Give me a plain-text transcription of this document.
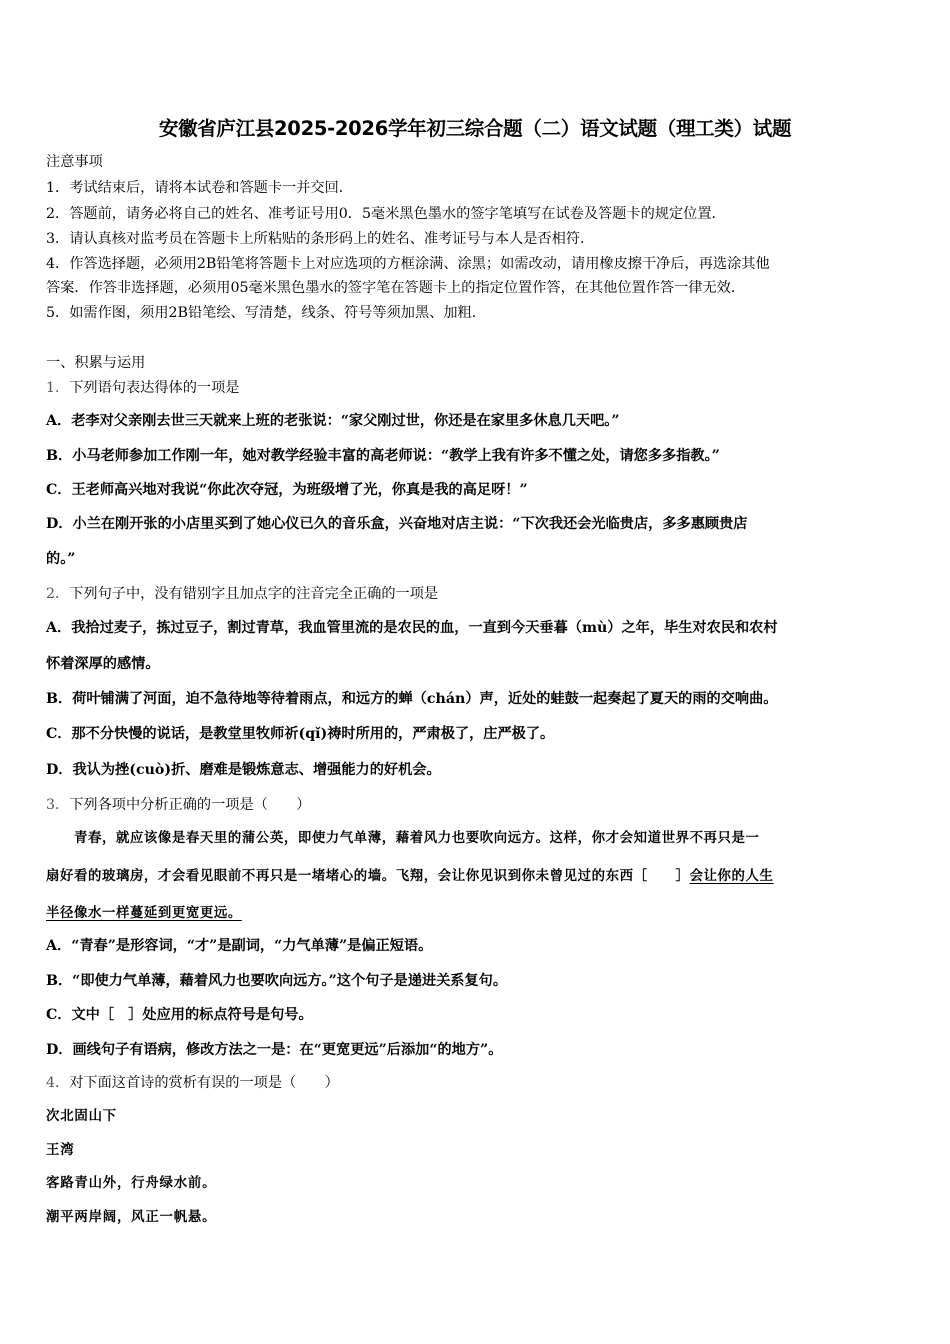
安徽省庐江县2025-2026学年初三综合题（二）语文试题（理工类）试题
注意事项
1．考试结束后，请将本试卷和答题卡一并交回．
2．答题前，请务必将自己的姓名、准考证号用0．5毫米黑色墨水的签字笔填写在试卷及答题卡的规定位置．
3．请认真核对监考员在答题卡上所粘贴的条形码上的姓名、准考证号与本人是否相符．
4．作答选择题，必须用2B铅笔将答题卡上对应选项的方框涂满、涂黑；如需改动，请用橡皮擦干净后，再选涂其他
答案．作答非选择题，必须用05毫米黑色墨水的签字笔在答题卡上的指定位置作答，在其他位置作答一律无效．
5．如需作图，须用2B铅笔绘、写清楚，线条、符号等须加黑、加粗．
一、积累与运用
1．下列语句表达得体的一项是
A．老李对父亲刚去世三天就来上班的老张说：“家父刚过世，你还是在家里多休息几天吧。”
B．小马老师参加工作刚一年，她对教学经验丰富的高老师说：“教学上我有许多不懂之处，请您多多指教。”
C．王老师高兴地对我说“你此次夺冠，为班级增了光，你真是我的高足呀！”
D．小兰在刚开张的小店里买到了她心仪已久的音乐盒，兴奋地对店主说：“下次我还会光临贵店，多多惠顾贵店
的。”
2．下列句子中，没有错别字且加点字的注音完全正确的一项是
A．我拾过麦子，拣过豆子，割过青草，我血管里流的是农民的血，一直到今天垂暮（mù）之年，毕生对农民和农村
怀着深厚的感情。
B．荷叶铺满了河面，迫不急待地等待着雨点，和远方的蝉（chán）声，近处的蛙鼓一起奏起了夏天的雨的交响曲。
C．那不分快慢的说话，是教堂里牧师祈(qǐ)祷时所用的，严肃极了，庄严极了。
D．我认为挫(cuò)折、磨难是锻炼意志、增强能力的好机会。
3．下列各项中分析正确的一项是（　　）
　　青春，就应该像是春天里的蒲公英，即使力气单薄，藉着风力也要吹向远方。这样，你才会知道世界不再只是一
扇好看的玻璃房，才会看见眼前不再只是一堵堵心的墙。飞翔，会让你见识到你未曾见过的东西［　　］会让你的人生
半径像水一样蔓延到更宽更远。
A．“青春”是形容词，“才”是副词，“力气单薄”是偏正短语。
B．“即使力气单薄，藉着风力也要吹向远方。”这个句子是递进关系复句。
C．文中［　］处应用的标点符号是句号。
D．画线句子有语病，修改方法之一是：在“更宽更远”后添加“的地方”。
4．对下面这首诗的赏析有误的一项是（　　）
次北固山下
王湾
客路青山外，行舟绿水前。
潮平两岸阔，风正一帆悬。
